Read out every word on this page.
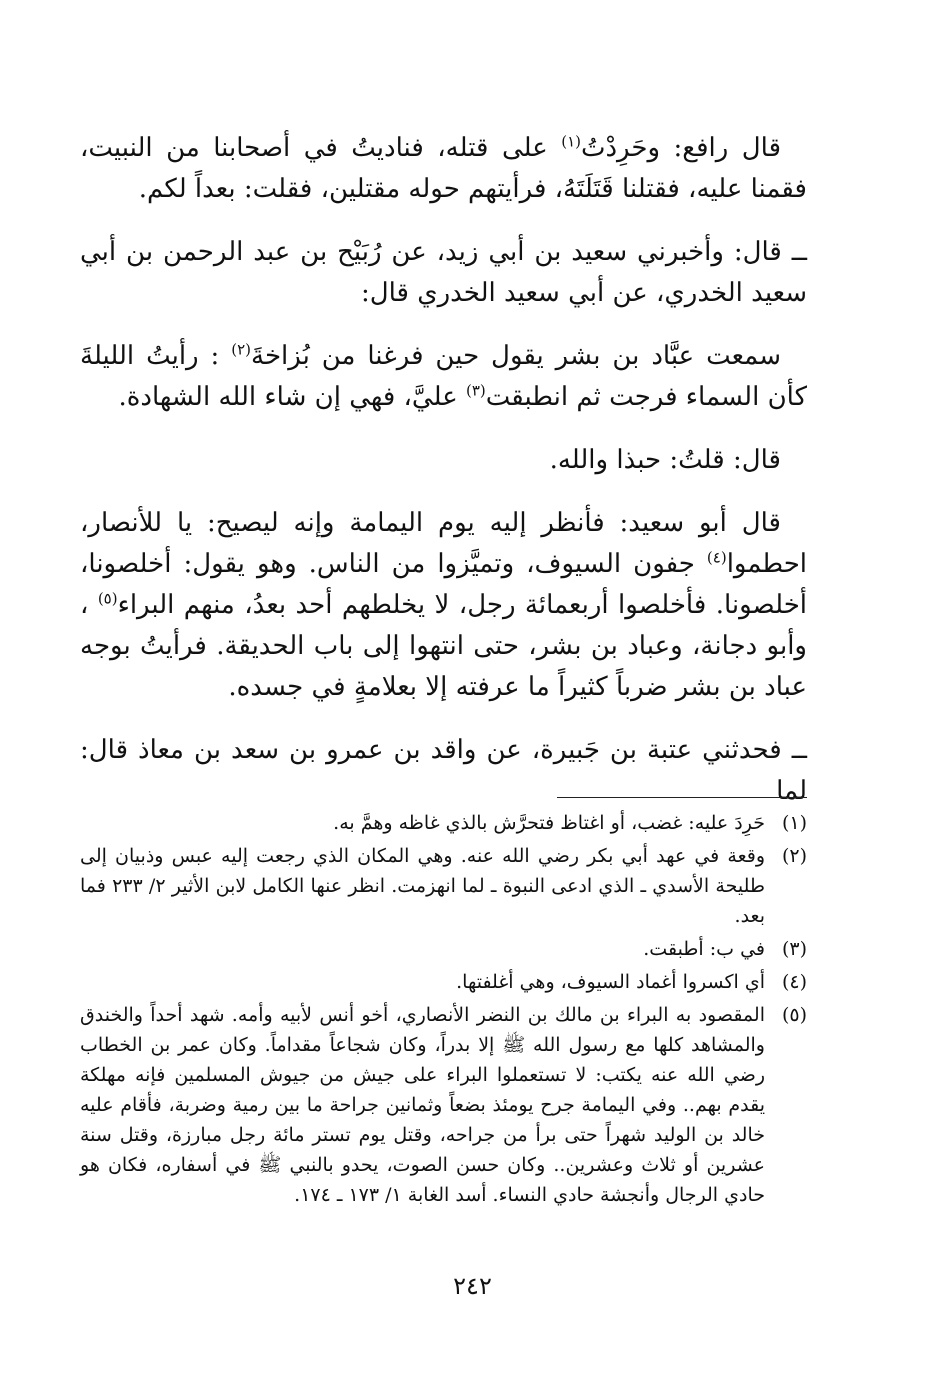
قال رافع: وحَرِدْتُ$^{(١)}$ على قتله، فناديتُ في أصحابنا من النبيت، فقمنا عليه، فقتلنا قَتَلَتَهُ، فرأيتهم حوله مقتلين، فقلت: بعداً لكم.

ــ قال: وأخبرني سعيد بن أبي زيد، عن رُبَيْح بن عبد الرحمن بن أبي سعيد الخدري، عن أبي سعيد الخدري قال:

سمعت عبَّاد بن بشر يقول حين فرغنا من بُزاخةَ$^{(٢)}$ : رأيتُ الليلةَ كأن السماء فرجت ثم انطبقت$^{(٣)}$ عليَّ، فهي إن شاء الله الشهادة.

قال: قلتُ: حبذا والله.

قال أبو سعيد: فأنظر إليه يوم اليمامة وإنه ليصيح: يا للأنصار، احطموا$^{(٤)}$ جفون السيوف، وتميَّزوا من الناس. وهو يقول: أخلصونا، أخلصونا. فأخلصوا أربعمائة رجل، لا يخلطهم أحد بعدُ، منهم البراء$^{(٥)}$ ، وأبو دجانة، وعباد بن بشر، حتى انتهوا إلى باب الحديقة. فرأيتُ بوجه عباد بن بشر ضرباً كثيراً ما عرفته إلا بعلامةٍ في جسده.

ــ فحدثني عتبة بن جَبيرة، عن واقد بن عمرو بن سعد بن معاذ قال: لما

(١)
حَرِدَ عليه: غضب، أو اغتاظ فتحرَّش بالذي غاظه وهمَّ به.
(٢)
وقعة في عهد أبي بكر رضي الله عنه. وهي المكان الذي رجعت إليه عبس وذبيان إلى طليحة الأسدي ـ الذي ادعى النبوة ـ لما انهزمت. انظر عنها الكامل لابن الأثير ٢/ ٢٣٣ فما بعد.
(٣)
في ب: أطبقت.
(٤)
أي اكسروا أغماد السيوف، وهي أغلفتها.
(٥)
المقصود به البراء بن مالك بن النضر الأنصاري، أخو أنس لأبيه وأمه. شهد أحداً والخندق والمشاهد كلها مع رسول الله ﷺ إلا بدراً، وكان شجاعاً مقداماً. وكان عمر بن الخطاب رضي الله عنه يكتب: لا تستعملوا البراء على جيش من جيوش المسلمين فإنه مهلكة يقدم بهم.. وفي اليمامة جرح يومئذ بضعاً وثمانين جراحة ما بين رمية وضربة، فأقام عليه خالد بن الوليد شهراً حتى برأ من جراحه، وقتل يوم تستر مائة رجل مبارزة، وقتل سنة عشرين أو ثلاث وعشرين.. وكان حسن الصوت، يحدو بالنبي ﷺ في أسفاره، فكان هو حادي الرجال وأنجشة حادي النساء. أسد الغابة ١/ ١٧٣ ـ ١٧٤.
٢٤٢
